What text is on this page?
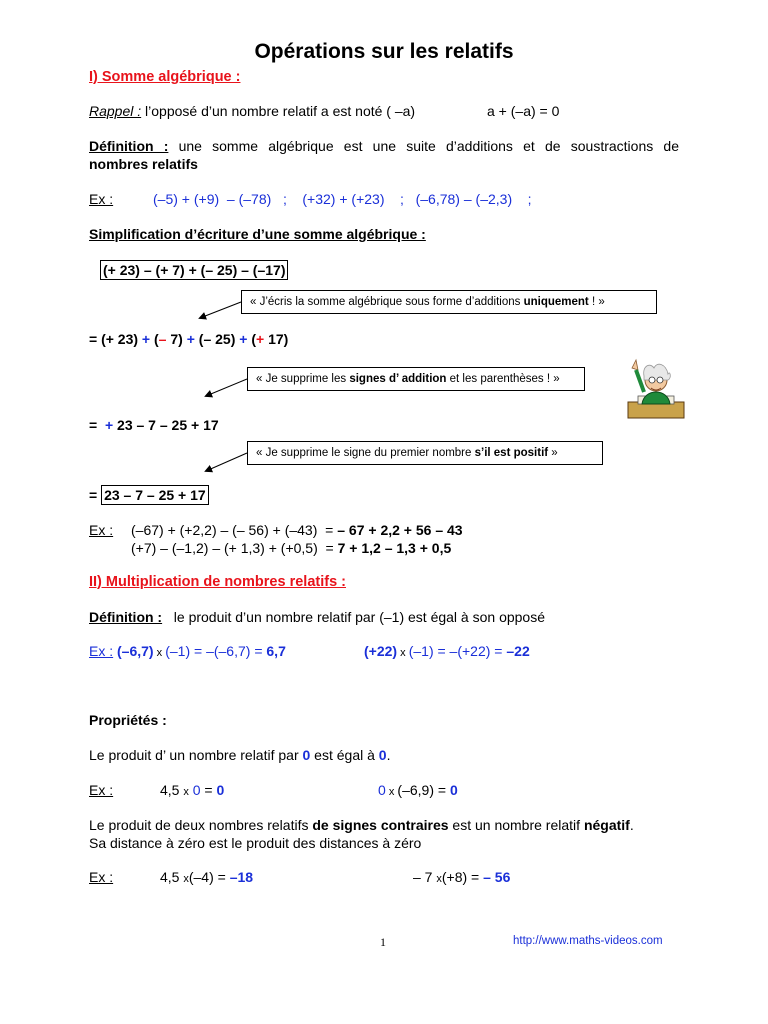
Opérations sur les relatifs
I) Somme algébrique :
Rappel : l’opposé d’un nombre relatif a est noté ( –a)	a + (–a) = 0
Définition : une somme algébrique est une suite d’additions et de soustractions de
nombres relatifs
Ex :	(–5) + (+9)  – (–78)   ;    (+32) + (+23)    ;   (–6,78) – (–2,3)    ;
Simplification d’écriture d’une somme algébrique :
(+ 23) – (+ 7) + (– 25) – (–17)
« J’écris la somme algébrique sous forme d’additions uniquement ! »
= (+ 23) + (– 7) + (– 25) + (+ 17)
« Je supprime les signes d’ addition et les parenthèses ! »
=  + 23 – 7 – 25 + 17
« Je supprime le signe du premier nombre s’il est positif »
= 23 – 7 – 25 + 17
Ex : (–67) + (+2,2) – (– 56) + (–43)  = – 67 + 2,2 + 56 – 43
(+7) – (–1,2) – (+ 1,3) + (+0,5)  = 7 + 1,2 – 1,3 + 0,5
II) Multiplication de nombres relatifs :
Définition :   le produit d’un nombre relatif par (–1) est égal à son opposé
Ex : (–6,7) x (–1) = –(–6,7) = 6,7	(+22) x (–1) = –(+22) = –22
Propriétés :
Le produit d’ un nombre relatif par 0 est égal à 0.
Ex :	4,5 x 0 = 0	0 x (–6,9) = 0
Le produit de deux nombres relatifs de signes contraires est un nombre relatif négatif.
Sa distance à zéro est le produit des distances à zéro
Ex :	4,5 x(–4) = –18	– 7 x(+8) = – 56
1	http://www.maths-videos.com
